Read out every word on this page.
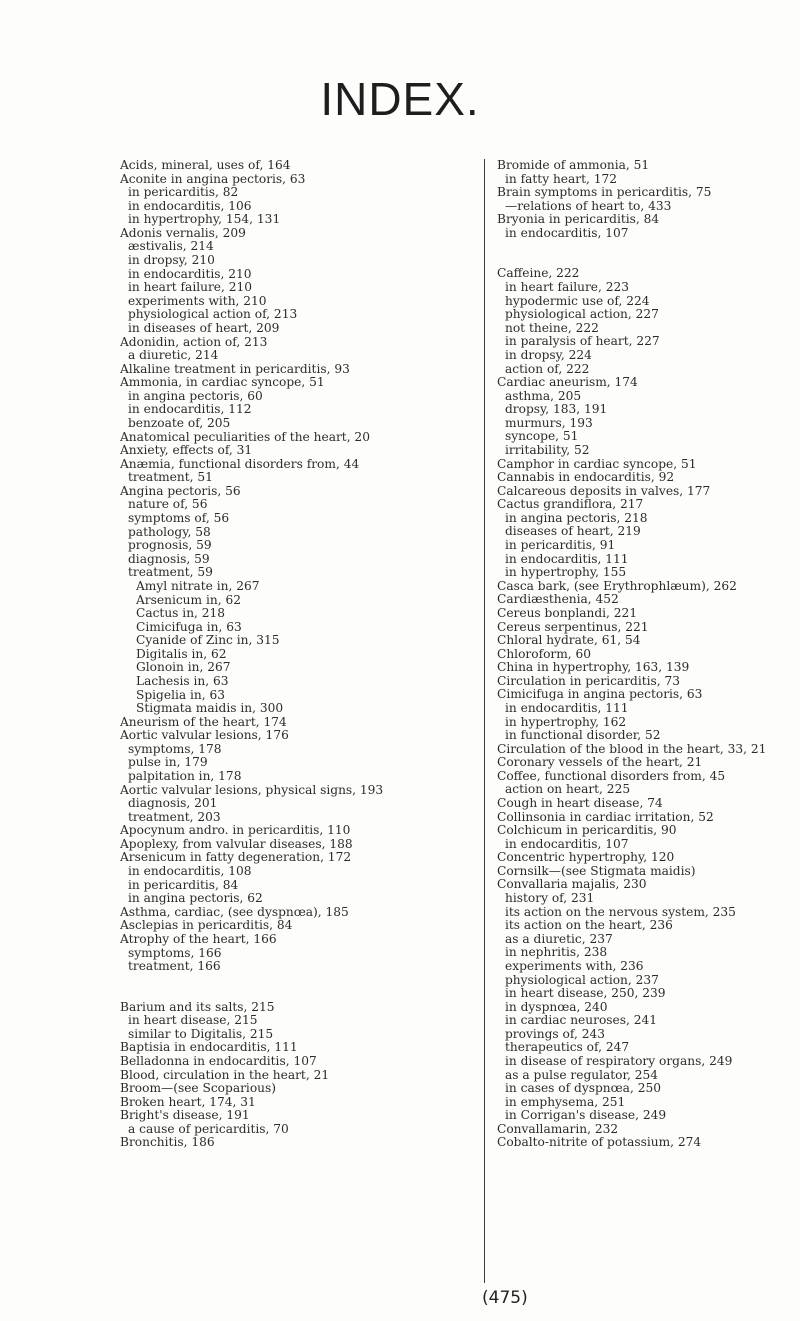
INDEX.
Acids, mineral, uses of, 164
Aconite in angina pectoris, 63
in pericarditis, 82
in endocarditis, 106
in hypertrophy, 154, 131
Adonis vernalis, 209
æstivalis, 214
in dropsy, 210
in endocarditis, 210
in heart failure, 210
experiments with, 210
physiological action of, 213
in diseases of heart, 209
Adonidin, action of, 213
a diuretic, 214
Alkaline treatment in pericarditis, 93
Ammonia, in cardiac syncope, 51
in angina pectoris, 60
in endocarditis, 112
benzoate of, 205
Anatomical peculiarities of the heart, 20
Anxiety, effects of, 31
Anæmia, functional disorders from, 44
treatment, 51
Angina pectoris, 56
nature of, 56
symptoms of, 56
pathology, 58
prognosis, 59
diagnosis, 59
treatment, 59
Amyl nitrate in, 267
Arsenicum in, 62
Cactus in, 218
Cimicifuga in, 63
Cyanide of Zinc in, 315
Digitalis in, 62
Glonoin in, 267
Lachesis in, 63
Spigelia in, 63
Stigmata maidis in, 300
Aneurism of the heart, 174
Aortic valvular lesions, 176
symptoms, 178
pulse in, 179
palpitation in, 178
Aortic valvular lesions, physical signs, 193
diagnosis, 201
treatment, 203
Apocynum andro. in pericarditis, 110
Apoplexy, from valvular diseases, 188
Arsenicum in fatty degeneration, 172
in endocarditis, 108
in pericarditis, 84
in angina pectoris, 62
Asthma, cardiac, (see dyspnœa), 185
Asclepias in pericarditis, 84
Atrophy of the heart, 166
symptoms, 166
treatment, 166
Barium and its salts, 215
in heart disease, 215
similar to Digitalis, 215
Baptisia in endocarditis, 111
Belladonna in endocarditis, 107
Blood, circulation in the heart, 21
Broom—(see Scoparious)
Broken heart, 174, 31
Bright's disease, 191
a cause of pericarditis, 70
Bronchitis, 186
Bromide of ammonia, 51
in fatty heart, 172
Brain symptoms in pericarditis, 75
—relations of heart to, 433
Bryonia in pericarditis, 84
in endocarditis, 107
Caffeine, 222
in heart failure, 223
hypodermic use of, 224
physiological action, 227
not theine, 222
in paralysis of heart, 227
in dropsy, 224
action of, 222
Cardiac aneurism, 174
asthma, 205
dropsy, 183, 191
murmurs, 193
syncope, 51
irritability, 52
Camphor in cardiac syncope, 51
Cannabis in endocarditis, 92
Calcareous deposits in valves, 177
Cactus grandiflora, 217
in angina pectoris, 218
diseases of heart, 219
in pericarditis, 91
in endocarditis, 111
in hypertrophy, 155
Casca bark, (see Erythrophlæum), 262
Cardiæsthenia, 452
Cereus bonplandi, 221
Cereus serpentinus, 221
Chloral hydrate, 61, 54
Chloroform, 60
China in hypertrophy, 163, 139
Circulation in pericarditis, 73
Cimicifuga in angina pectoris, 63
in endocarditis, 111
in hypertrophy, 162
in functional disorder, 52
Circulation of the blood in the heart, 33, 21
Coronary vessels of the heart, 21
Coffee, functional disorders from, 45
action on heart, 225
Cough in heart disease, 74
Collinsonia in cardiac irritation, 52
Colchicum in pericarditis, 90
in endocarditis, 107
Concentric hypertrophy, 120
Cornsilk—(see Stigmata maidis)
Convallaria majalis, 230
history of, 231
its action on the nervous system, 235
its action on the heart, 236
as a diuretic, 237
in nephritis, 238
experiments with, 236
physiological action, 237
in heart disease, 250, 239
in dyspnœa, 240
in cardiac neuroses, 241
provings of, 243
therapeutics of, 247
in disease of respiratory organs, 249
as a pulse regulator, 254
in cases of dyspnœa, 250
in emphysema, 251
in Corrigan's disease, 249
Convallamarin, 232
Cobalto-nitrite of potassium, 274
(475)
